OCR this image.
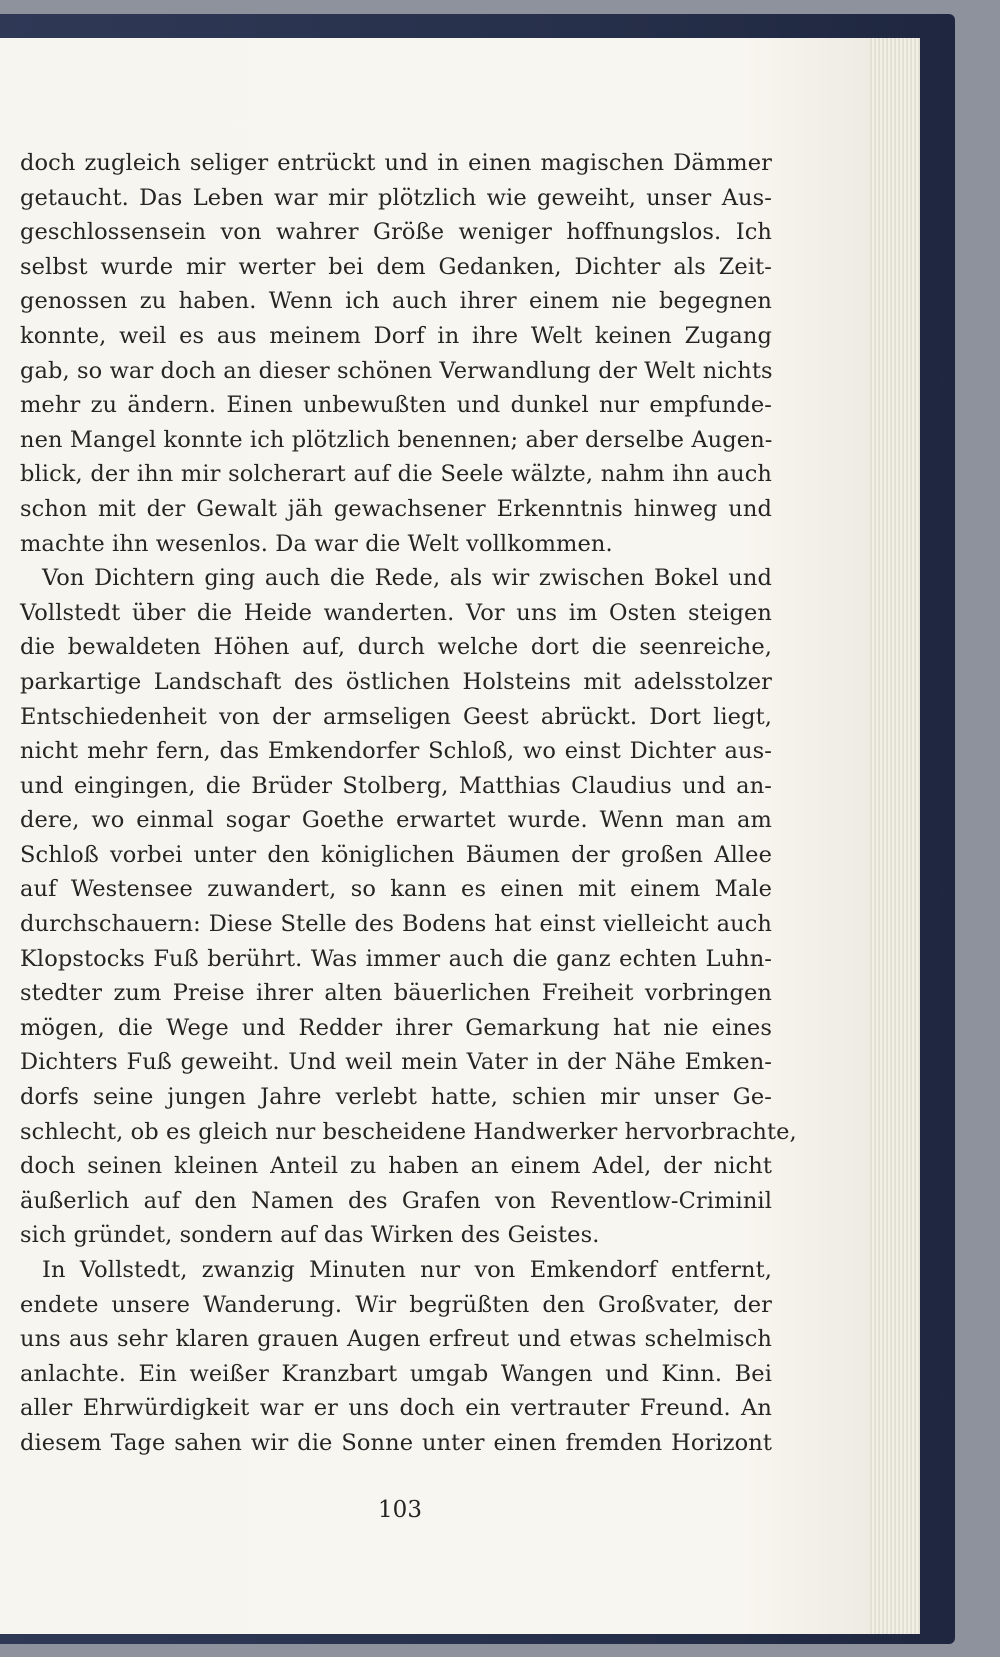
doch zugleich seliger entrückt und in einen magischen Dämmer
getaucht. Das Leben war mir plötzlich wie geweiht, unser Aus-
geschlossensein von wahrer Größe weniger hoffnungslos. Ich
selbst wurde mir werter bei dem Gedanken, Dichter als Zeit-
genossen zu haben. Wenn ich auch ihrer einem nie begegnen
konnte, weil es aus meinem Dorf in ihre Welt keinen Zugang
gab, so war doch an dieser schönen Verwandlung der Welt nichts
mehr zu ändern. Einen unbewußten und dunkel nur empfunde-
nen Mangel konnte ich plötzlich benennen; aber derselbe Augen-
blick, der ihn mir solcherart auf die Seele wälzte, nahm ihn auch
schon mit der Gewalt jäh gewachsener Erkenntnis hinweg und
machte ihn wesenlos. Da war die Welt vollkommen.
Von Dichtern ging auch die Rede, als wir zwischen Bokel und
Vollstedt über die Heide wanderten. Vor uns im Osten steigen
die bewaldeten Höhen auf, durch welche dort die seenreiche,
parkartige Landschaft des östlichen Holsteins mit adelsstolzer
Entschiedenheit von der armseligen Geest abrückt. Dort liegt,
nicht mehr fern, das Emkendorfer Schloß, wo einst Dichter aus-
und eingingen, die Brüder Stolberg, Matthias Claudius und an-
dere, wo einmal sogar Goethe erwartet wurde. Wenn man am
Schloß vorbei unter den königlichen Bäumen der großen Allee
auf Westensee zuwandert, so kann es einen mit einem Male
durchschauern: Diese Stelle des Bodens hat einst vielleicht auch
Klopstocks Fuß berührt. Was immer auch die ganz echten Luhn-
stedter zum Preise ihrer alten bäuerlichen Freiheit vorbringen
mögen, die Wege und Redder ihrer Gemarkung hat nie eines
Dichters Fuß geweiht. Und weil mein Vater in der Nähe Emken-
dorfs seine jungen Jahre verlebt hatte, schien mir unser Ge-
schlecht, ob es gleich nur bescheidene Handwerker hervorbrachte,
doch seinen kleinen Anteil zu haben an einem Adel, der nicht
äußerlich auf den Namen des Grafen von Reventlow-Criminil
sich gründet, sondern auf das Wirken des Geistes.
In Vollstedt, zwanzig Minuten nur von Emkendorf entfernt,
endete unsere Wanderung. Wir begrüßten den Großvater, der
uns aus sehr klaren grauen Augen erfreut und etwas schelmisch
anlachte. Ein weißer Kranzbart umgab Wangen und Kinn. Bei
aller Ehrwürdigkeit war er uns doch ein vertrauter Freund. An
diesem Tage sahen wir die Sonne unter einen fremden Horizont
103
